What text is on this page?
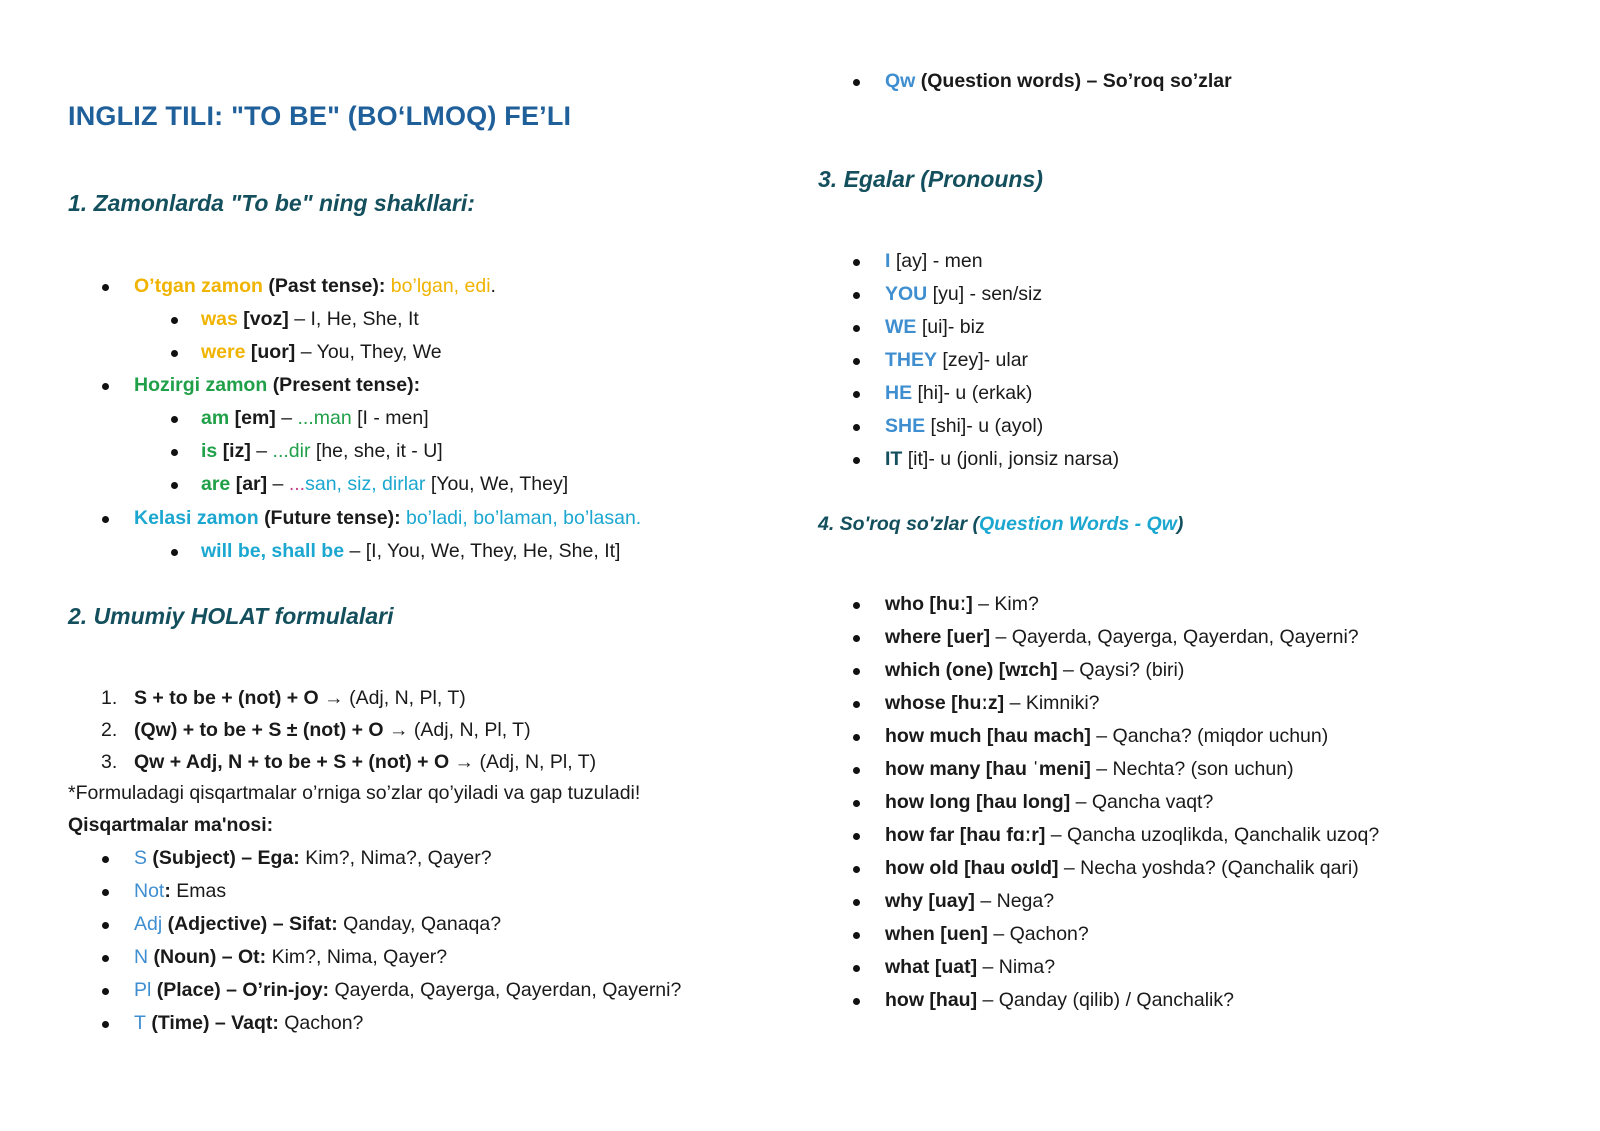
INGLIZ TILI: "TO BE" (BO‘LMOQ) FE’LI
1. Zamonlarda "To be" ning shakllari:
O’tgan zamon (Past tense): bo’lgan, edi.
was [voz] – I, He, She, It
were [uor] – You, They, We
Hozirgi zamon (Present tense):
am [em] – ...man [I - men]
is [iz] – ...dir [he, she, it - U]
are [ar] – ...san, siz, dirlar [You, We, They]
Kelasi zamon (Future tense): bo’ladi, bo’laman, bo’lasan.
will be, shall be – [I, You, We, They, He, She, It]
2. Umumiy HOLAT formulalari
1. S + to be + (not) + O → (Adj, N, Pl, T)
2. (Qw) + to be + S ± (not) + O → (Adj, N, Pl, T)
3. Qw + Adj, N + to be + S + (not) + O → (Adj, N, Pl, T)
*Formuladagi qisqartmalar o’rniga so’zlar qo’yiladi va gap tuzuladi!
Qisqartmalar ma'nosi:
S (Subject) – Ega: Kim?, Nima?, Qayer?
Not: Emas
Adj (Adjective) – Sifat: Qanday, Qanaqa?
N (Noun) – Ot: Kim?, Nima, Qayer?
Pl (Place) – O’rin-joy: Qayerda, Qayerga, Qayerdan, Qayerni?
T (Time) – Vaqt: Qachon?
Qw (Question words) – So’roq so’zlar
3. Egalar (Pronouns)
I [ay] - men
YOU [yu] - sen/siz
WE [ui]- biz
THEY [zey]- ular
HE [hi]- u (erkak)
SHE [shi]- u (ayol)
IT [it]- u (jonli, jonsiz narsa)
4. So'roq so'zlar (Question Words - Qw)
who [huː] – Kim?
where [uer] – Qayerda, Qayerga, Qayerdan, Qayerni?
which (one) [wɪch] – Qaysi? (biri)
whose [huːz] – Kimniki?
how much [hau mach] – Qancha? (miqdor uchun)
how many [hau ˈmeni] – Nechta? (son uchun)
how long [hau long] – Qancha vaqt?
how far [hau fɑːr] – Qancha uzoqlikda, Qanchalik uzoq?
how old [hau oʊld] – Necha yoshda? (Qanchalik qari)
why [uay] – Nega?
when [uen] – Qachon?
what [uat] – Nima?
how [hau] – Qanday (qilib) / Qanchalik?
